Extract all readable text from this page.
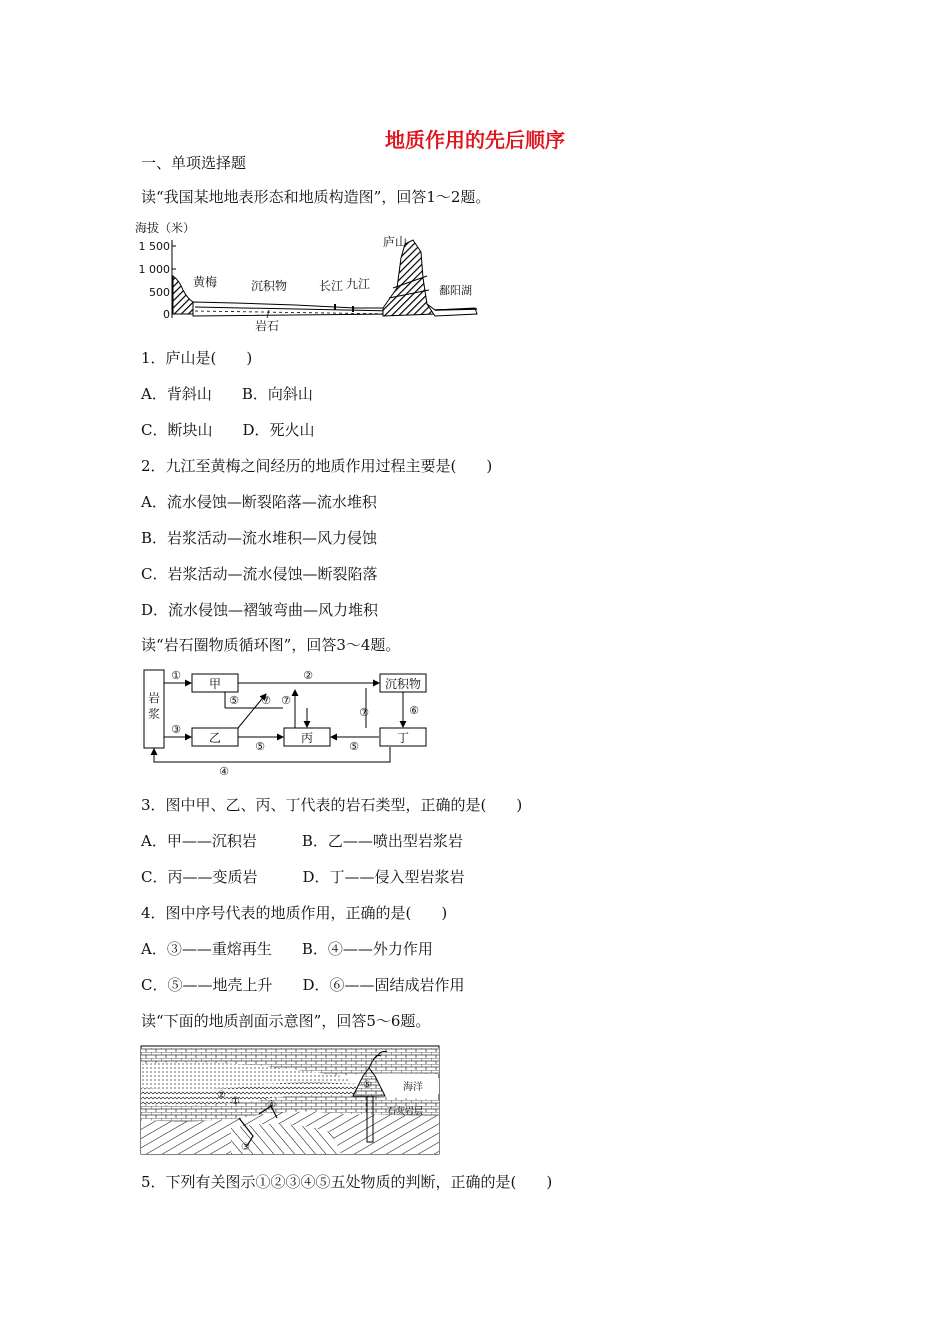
地质作用的先后顺序

一、单项选择题

读“我国某地地表形态和地质构造图”，回答1～2题。

海拔（米）
1 500
1 000
500
0
庐山
黄梅	沉积物	长江 九江	鄱阳湖
岩石

1．庐山是(　　)

A．背斜山　　B．向斜山

C．断块山　　D．死火山

2．九江至黄梅之间经历的地质作用过程主要是(　　)

A．流水侵蚀—断裂陷落—流水堆积

B．岩浆活动—流水堆积—风力侵蚀

C．岩浆活动—流水侵蚀—断裂陷落

D．流水侵蚀—褶皱弯曲—风力堆积

读“岩石圈物质循环图”，回答3～4题。

岩
浆
甲
乙	丙	丁
沉积物
①
③
②
⑤ ⑦ ⑦
⑤	⑤
⑦	⑥
④

3．图中甲、乙、丙、丁代表的岩石类型，正确的是(　　)

A．甲——沉积岩　　　B．乙——喷出型岩浆岩

C．丙——变质岩　　　D．丁——侵入型岩浆岩

4．图中序号代表的地质作用，正确的是(　　)

A．③——重熔再生　　B．④——外力作用

C．⑤——地壳上升　　D．⑥——固结成岩作用

读“下面的地质剖面示意图”，回答5～6题。

海洋
石灰岩层
①
②
③
④
⑤

5．下列有关图示①②③④⑤五处物质的判断，正确的是(　　)
